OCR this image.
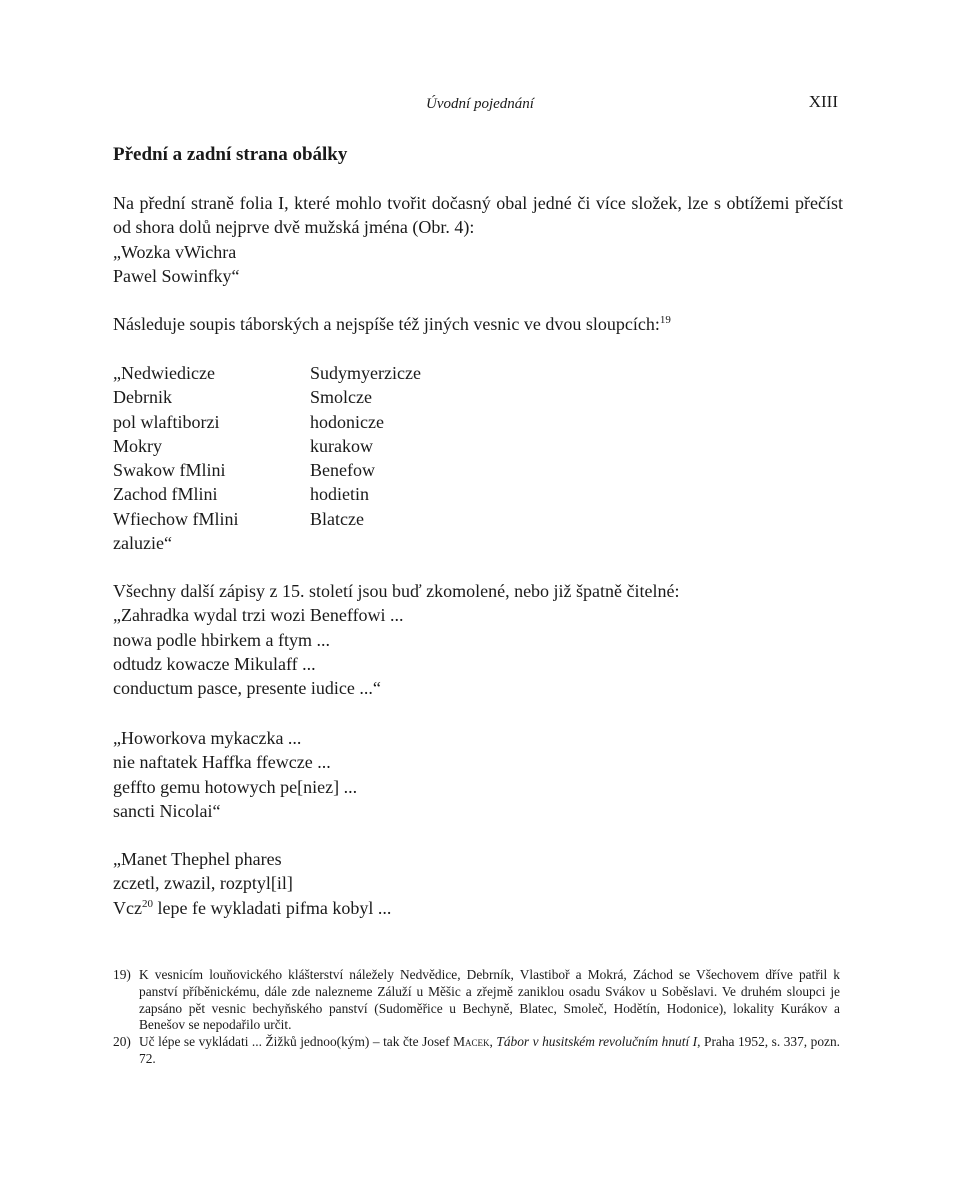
Úvodní pojednání	XIII
Přední a zadní strana obálky
Na přední straně folia I, které mohlo tvořit dočasný obal jedné či více složek, lze s obtížemi přečíst od shora dolů nejprve dvě mužská jména (Obr. 4):
„Wozka vWichra
Pawel Sowinfky“
Následuje soupis táborských a nejspíše též jiných vesnic ve dvou sloupcích:$^{19}$
„Nedwiedicze
Debrnik
pol wlaftiborzi
Mokry
Swakow fMlini
Zachod fMlini
Wfiechow fMlini
zaluzie“
Sudymyerzicze
Smolcze
hodonicze
kurakow
Benefow
hodietin
Blatcze
Všechny další zápisy z 15. století jsou buď zkomolené, nebo již špatně čitelné:
„Zahradka wydal trzi wozi Beneffowi ...
nowa podle hbirkem a ftym ...
odtudz kowacze Mikulaff ...
conductum pasce, presente iudice ...“
„Howorkova mykaczka ...
nie naftatek Haffka ffewcze ...
geffto gemu hotowych pe[niez] ...
sancti Nicolai“
„Manet Thephel phares
zczetl, zwazil, rozptyl[il]
Vcz$^{20}$ lepe fe wykladati pifma kobyl ...
19) K vesnicím louňovického klášterství náležely Nedvědice, Debrník, Vlastiboř a Mokrá, Záchod se Všechovem dříve patřil k panství příběnickému, dále zde nalezneme Záluží u Měšic a zřejmě zaniklou osadu Svákov u Soběslavi. Ve druhém sloupci je zapsáno pět vesnic bechyňského panství (Sudoměřice u Bechyně, Blatec, Smoleč, Hodětín, Hodonice), lokality Kurákov a Benešov se nepodařilo určit.
20) Uč lépe se vykládati ... Žižků jednoo(kým) – tak čte Josef Macek, Tábor v husitském revolučním hnutí I, Praha 1952, s. 337, pozn. 72.
